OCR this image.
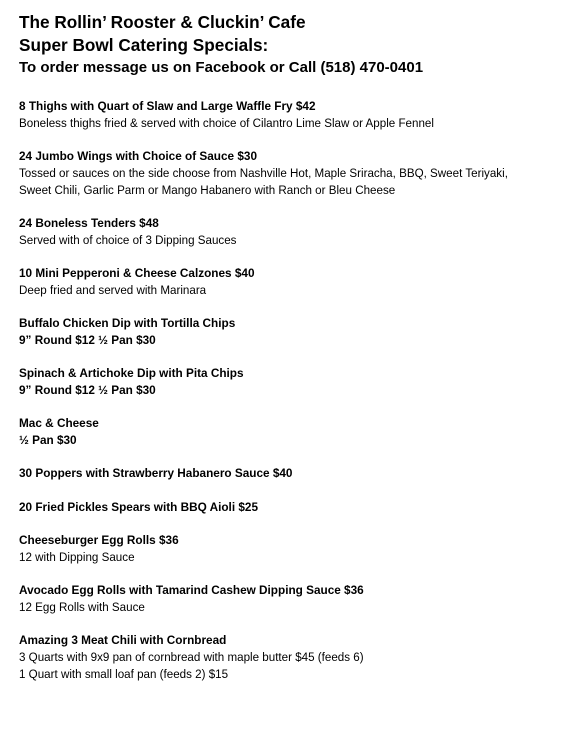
The Rollin’ Rooster & Cluckin’ Cafe
Super Bowl Catering Specials:
To order message us on Facebook or Call (518) 470-0401
8 Thighs with Quart of Slaw and Large Waffle Fry $42
Boneless thighs fried & served with choice of Cilantro Lime Slaw or Apple Fennel
24 Jumbo Wings with Choice of Sauce $30
Tossed or sauces on the side choose from Nashville Hot, Maple Sriracha, BBQ, Sweet Teriyaki,
Sweet Chili, Garlic Parm or Mango Habanero with Ranch or Bleu Cheese
24 Boneless Tenders $48
Served with of choice of 3 Dipping Sauces
10 Mini Pepperoni & Cheese Calzones $40
Deep fried and served with Marinara
Buffalo Chicken Dip with Tortilla Chips
9” Round $12 ½ Pan $30
Spinach & Artichoke Dip with Pita Chips
9” Round $12 ½ Pan $30
Mac & Cheese
½ Pan $30
30 Poppers with Strawberry Habanero Sauce $40
20 Fried Pickles Spears with BBQ Aioli $25
Cheeseburger Egg Rolls $36
12 with Dipping Sauce
Avocado Egg Rolls with Tamarind Cashew Dipping Sauce $36
12 Egg Rolls with Sauce
Amazing 3 Meat Chili with Cornbread
3 Quarts with 9x9 pan of cornbread with maple butter $45 (feeds 6)
1 Quart with small loaf pan (feeds 2) $15
